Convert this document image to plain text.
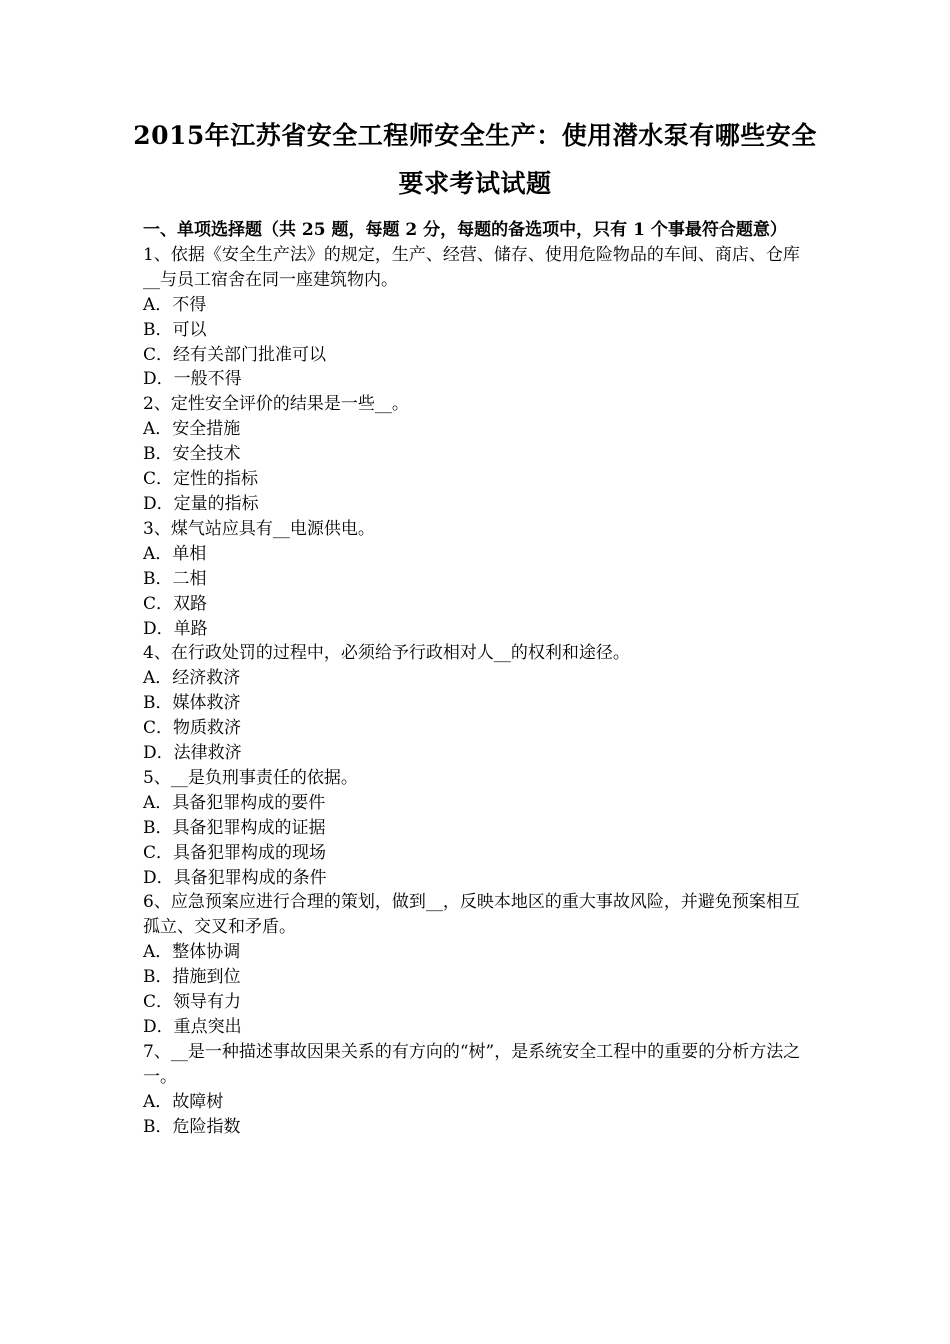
2015年江苏省安全工程师安全生产：使用潜水泵有哪些安全要求考试试题

一、单项选择题（共 25 题，每题 2 分，每题的备选项中，只有 1 个事最符合题意）

1、依据《安全生产法》的规定，生产、经营、储存、使用危险物品的车间、商店、仓库__与员工宿舍在同一座建筑物内。

A．不得

B．可以

C．经有关部门批准可以

D．一般不得

2、定性安全评价的结果是一些__。

A．安全措施

B．安全技术

C．定性的指标

D．定量的指标

3、煤气站应具有__电源供电。

A．单相

B．二相

C．双路

D．单路

4、在行政处罚的过程中，必须给予行政相对人__的权利和途径。

A．经济救济

B．媒体救济

C．物质救济

D．法律救济

5、__是负刑事责任的依据。

A．具备犯罪构成的要件

B．具备犯罪构成的证据

C．具备犯罪构成的现场

D．具备犯罪构成的条件

6、应急预案应进行合理的策划，做到__，反映本地区的重大事故风险，并避免预案相互孤立、交叉和矛盾。

A．整体协调

B．措施到位

C．领导有力

D．重点突出

7、__是一种描述事故因果关系的有方向的“树”，是系统安全工程中的重要的分析方法之一。

A．故障树

B．危险指数
